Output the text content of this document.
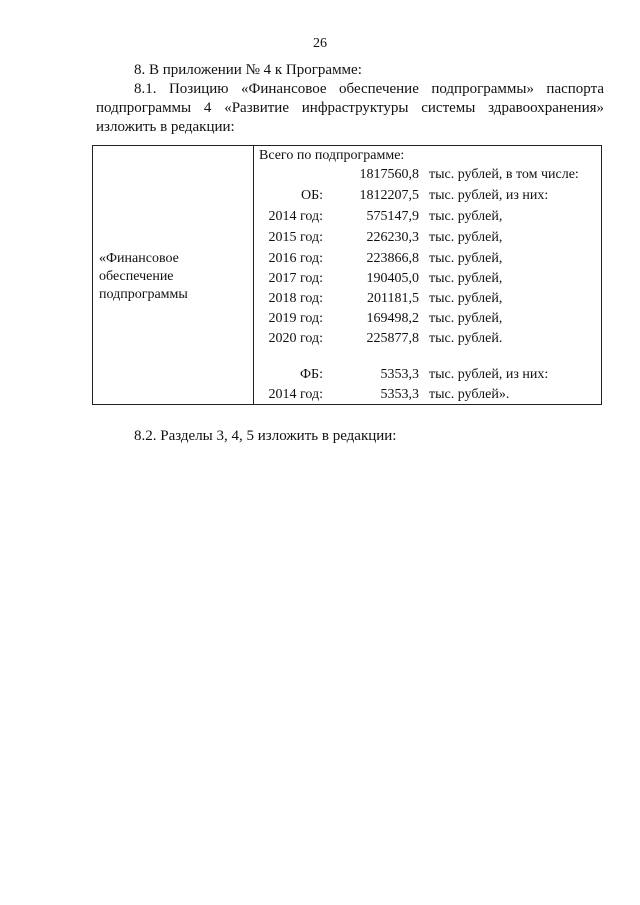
26
8. В приложении № 4 к Программе:
8.1. Позицию «Финансовое обеспечение подпрограммы» паспорта подпрограммы 4 «Развитие инфраструктуры системы здравоохранения» изложить в редакции:
«Финансовое обеспечение подпрограммы
Всего по подпрограмме:
1817560,8 тыс. рублей, в том числе:
ОБ:	1812207,5 тыс. рублей, из них:
2014 год:	575147,9 тыс. рублей,
2015 год:	226230,3 тыс. рублей,
2016 год:	223866,8 тыс. рублей,
2017 год:	190405,0 тыс. рублей,
2018 год:	201181,5 тыс. рублей,
2019 год:	169498,2 тыс. рублей,
2020 год:	225877,8 тыс. рублей.
ФБ:	5353,3 тыс. рублей, из них:
2014 год:	5353,3 тыс. рублей».
8.2. Разделы 3, 4, 5 изложить в редакции:
